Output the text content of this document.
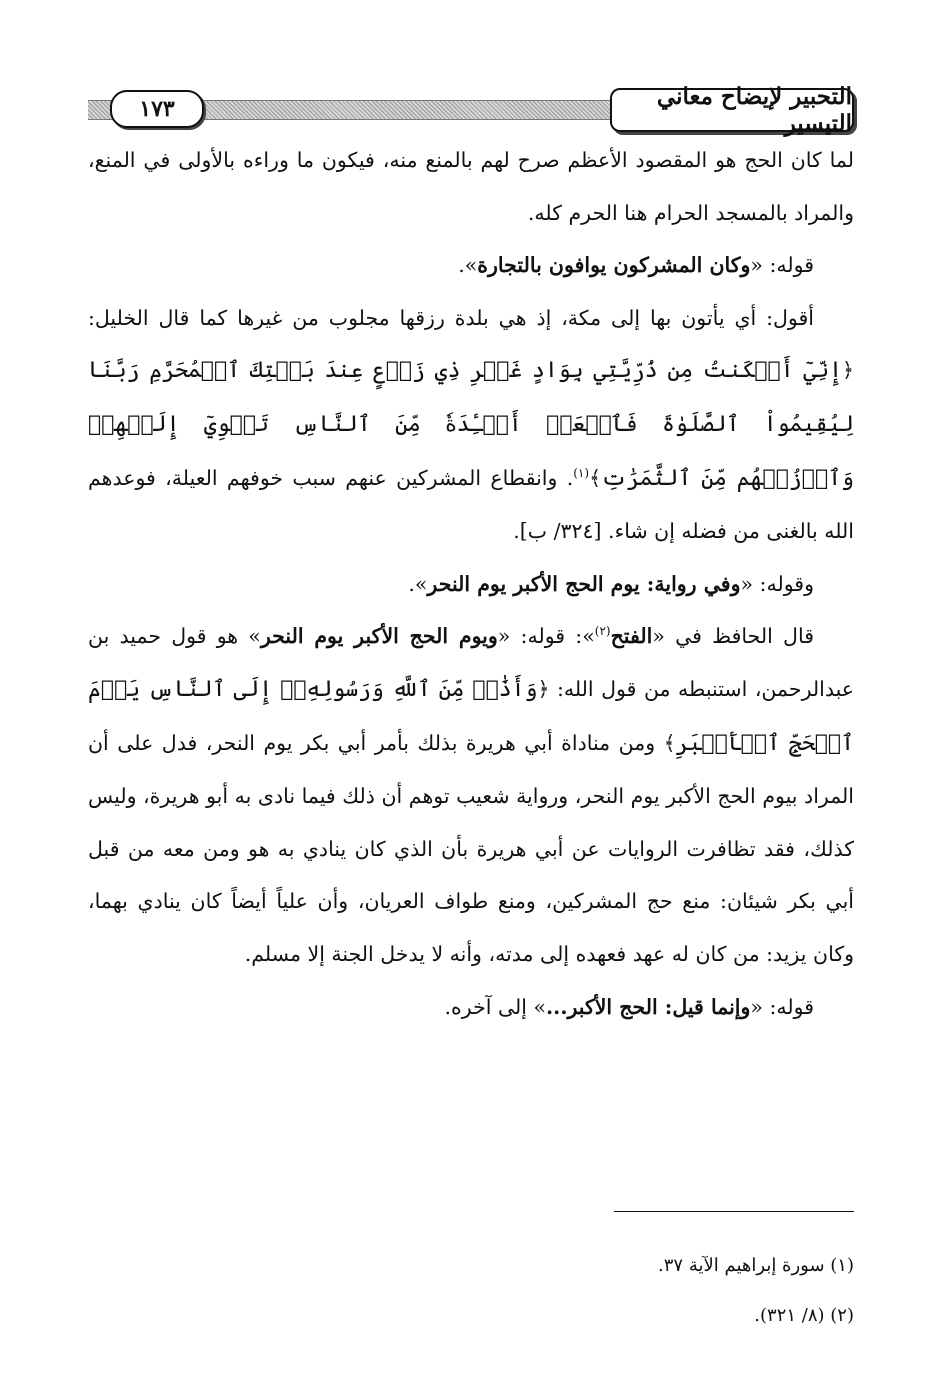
التحبير لإيضاح معاني التيسير
١٧٣

لما كان الحج هو المقصود الأعظم صرح لهم بالمنع منه، فيكون ما وراءه بالأولى في المنع، والمراد بالمسجد الحرام هنا الحرم كله.

قوله: «وكان المشركون يوافون بالتجارة».

أقول: أي يأتون بها إلى مكة، إذ هي بلدة رزقها مجلوب من غيرها كما قال الخليل: ﴿إِنِّيٓ أَسۡكَنتُ مِن ذُرِّيَّتِي بِوَادٍ غَيۡرِ ذِي زَرۡعٍ عِندَ بَيۡتِكَ ٱلۡمُحَرَّمِ رَبَّنَا لِيُقِيمُواْ ٱلصَّلَوٰةَ فَٱجۡعَلۡ أَفۡـِٔدَةٗ مِّنَ ٱلنَّاسِ تَهۡوِيٓ إِلَيۡهِمۡ وَٱرۡزُقۡهُم مِّنَ ٱلثَّمَرَٰتِ﴾$^{(١)}$. وانقطاع المشركين عنهم سبب خوفهم العيلة، فوعدهم الله بالغنى من فضله إن شاء. [٣٢٤/ ب].

وقوله: «وفي رواية: يوم الحج الأكبر يوم النحر».

قال الحافظ في «الفتح$^{(٢)}$»: قوله: «ويوم الحج الأكبر يوم النحر» هو قول حميد بن عبدالرحمن، استنبطه من قول الله: ﴿وَأَذَٰنٞ مِّنَ ٱللَّهِ وَرَسُولِهِۦٓ إِلَى ٱلنَّاسِ يَوۡمَ ٱلۡحَجِّ ٱلۡأَكۡبَرِ﴾ ومن مناداة أبي هريرة بذلك بأمر أبي بكر يوم النحر، فدل على أن المراد بيوم الحج الأكبر يوم النحر، ورواية شعيب توهم أن ذلك فيما نادى به أبو هريرة، وليس كذلك، فقد تظافرت الروايات عن أبي هريرة بأن الذي كان ينادي به هو ومن معه من قبل أبي بكر شيئان: منع حج المشركين، ومنع طواف العريان، وأن علياً أيضاً كان ينادي بهما، وكان يزيد: من كان له عهد فعهده إلى مدته، وأنه لا يدخل الجنة إلا مسلم.

قوله: «وإنما قيل: الحج الأكبر...» إلى آخره.

(١) سورة إبراهيم الآية ٣٧.

(٢) (٨/ ٣٢١).
